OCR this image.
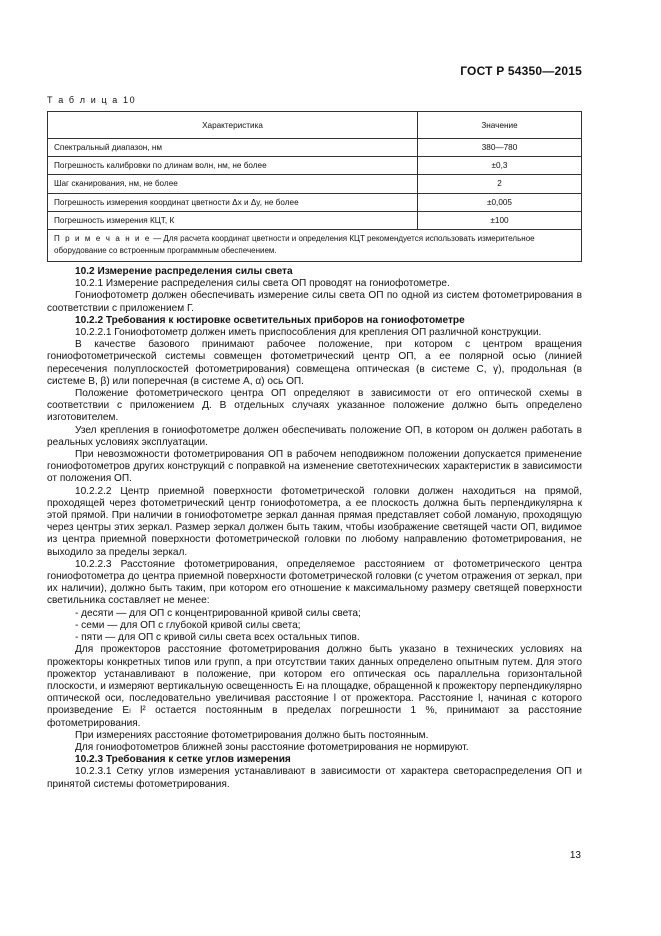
ГОСТ Р 54350—2015
Т а б л и ц а 10
Характеристика	Значение
Спектральный диапазон, нм	380—780
Погрешность калибровки по длинам волн, нм, не более	±0,3
Шаг сканирования, нм, не более	2
Погрешность измерения координат цветности Δx и Δy, не более	±0,005
Погрешность измерения КЦТ, К	±100
П р и м е ч а н и е — Для расчета координат цветности и определения КЦТ рекомендуется использовать измерительное оборудование со встроенным программным обеспечением.	

10.2 Измерение распределения силы света

10.2.1 Измерение распределения силы света ОП проводят на гониофотометре.

Гониофотометр должен обеспечивать измерение силы света ОП по одной из систем фотометрирования в соответствии с приложением Г.

10.2.2 Требования к юстировке осветительных приборов на гониофотометре

10.2.2.1 Гониофотометр должен иметь приспособления для крепления ОП различной конструкции.

В качестве базового принимают рабочее положение, при котором с центром вращения гониофотометрической системы совмещен фотометрический центр ОП, а ее полярной осью (линией пересечения полуплоскостей фотометрирования) совмещена оптическая (в системе C, γ), продольная (в системе B, β) или поперечная (в системе A, α) ось ОП.

Положение фотометрического центра ОП определяют в зависимости от его оптической схемы в соответствии с приложением Д. В отдельных случаях указанное положение должно быть определено изготовителем.

Узел крепления в гониофотометре должен обеспечивать положение ОП, в котором он должен работать в реальных условиях эксплуатации.

При невозможности фотометрирования ОП в рабочем неподвижном положении допускается применение гониофотометров других конструкций с поправкой на изменение светотехнических характеристик в зависимости от положения ОП.

10.2.2.2 Центр приемной поверхности фотометрической головки должен находиться на прямой, проходящей через фотометрический центр гониофотометра, а ее плоскость должна быть перпендикулярна к этой прямой. При наличии в гониофотометре зеркал данная прямая представляет собой ломаную, проходящую через центры этих зеркал. Размер зеркал должен быть таким, чтобы изображение светящей части ОП, видимое из центра приемной поверхности фотометрической головки по любому направлению фотометрирования, не выходило за пределы зеркал.

10.2.2.3 Расстояние фотометрирования, определяемое расстоянием от фотометрического центра гониофотометра до центра приемной поверхности фотометрической головки (с учетом отражения от зеркал, при их наличии), должно быть таким, при котором его отношение к максимальному размеру светящей поверхности светильника составляет не менее:

- десяти — для ОП с концентрированной кривой силы света;

- семи — для ОП с глубокой кривой силы света;

- пяти — для ОП с кривой силы света всех остальных типов.

Для прожекторов расстояние фотометрирования должно быть указано в технических условиях на прожекторы конкретных типов или групп, а при отсутствии таких данных определено опытным путем. Для этого прожектор устанавливают в положение, при котором его оптическая ось параллельна горизонтальной плоскости, и измеряют вертикальную освещенность Eₗ на площадке, обращенной к прожектору перпендикулярно оптической оси, последовательно увеличивая расстояние l от прожектора. Расстояние l, начиная с которого произведение Eₗ l² остается постоянным в пределах погрешности 1 %, принимают за расстояние фотометрирования.

При измерениях расстояние фотометрирования должно быть постоянным.

Для гониофотометров ближней зоны расстояние фотометрирования не нормируют.

10.2.3 Требования к сетке углов измерения

10.2.3.1 Сетку углов измерения устанавливают в зависимости от характера светораспределения ОП и принятой системы фотометрирования.

13
